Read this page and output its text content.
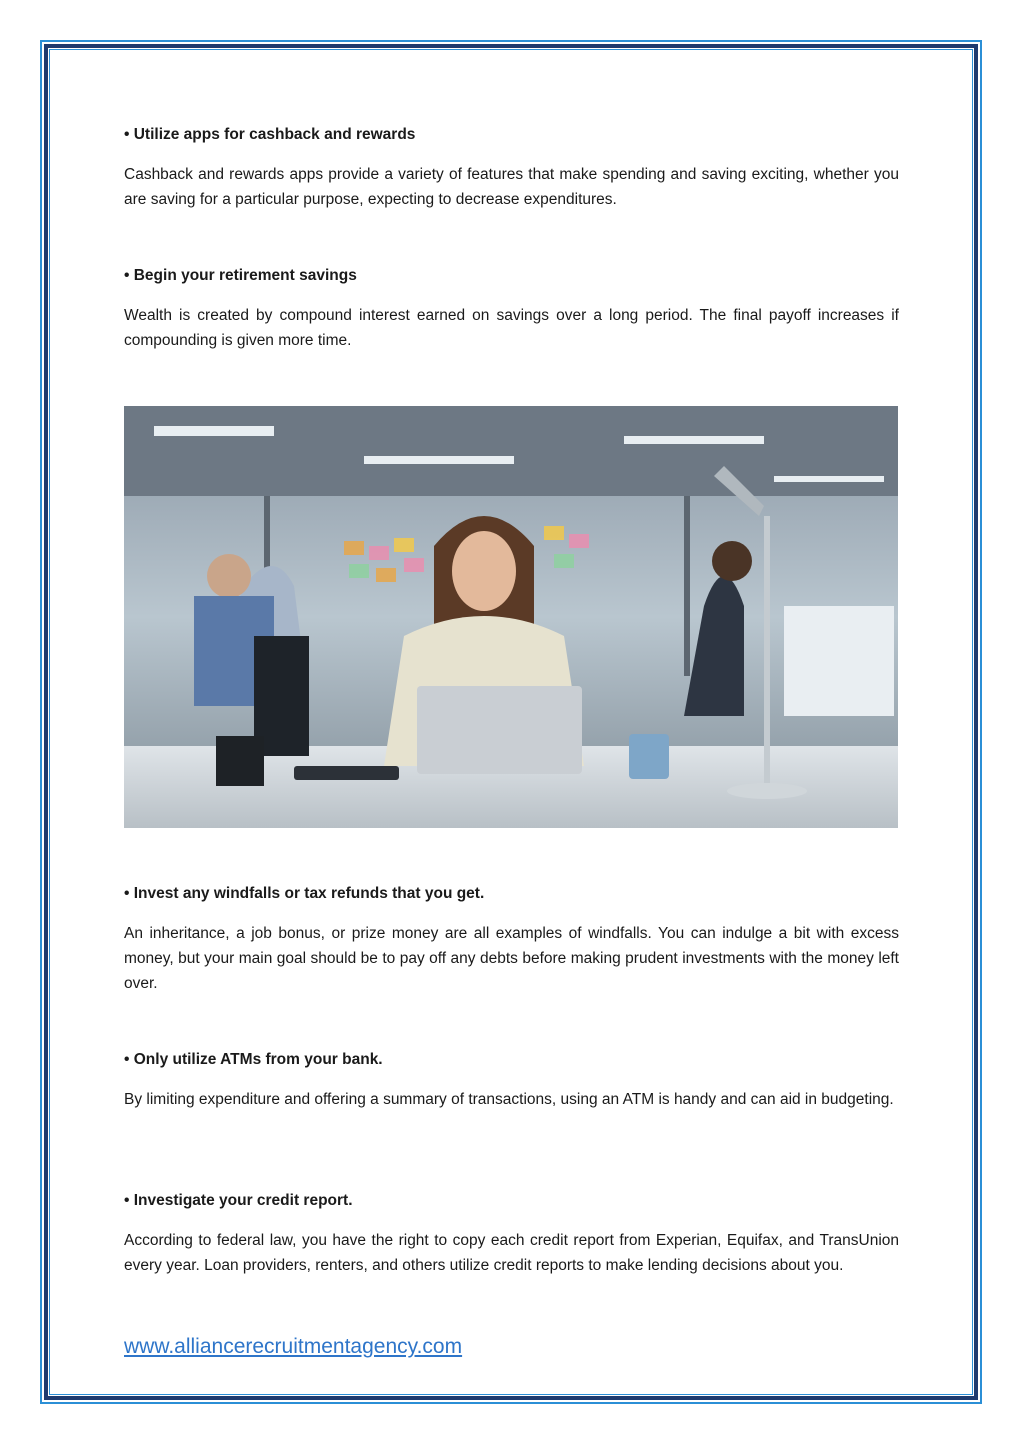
• Utilize apps for cashback and rewards

Cashback and rewards apps provide a variety of features that make spending and saving exciting, whether you are saving for a particular purpose, expecting to decrease expenditures.

• Begin your retirement savings

Wealth is created by compound interest earned on savings over a long period. The final payoff increases if compounding is given more time.

• Invest any windfalls or tax refunds that you get.

An inheritance, a job bonus, or prize money are all examples of windfalls. You can indulge a bit with excess money, but your main goal should be to pay off any debts before making prudent investments with the money left over.

• Only utilize ATMs from your bank.

By limiting expenditure and offering a summary of transactions, using an ATM is handy and can aid in budgeting.

• Investigate your credit report.

According to federal law, you have the right to copy each credit report from Experian, Equifax, and TransUnion every year. Loan providers, renters, and others utilize credit reports to make lending decisions about you.

www.alliancerecruitmentagency.com
